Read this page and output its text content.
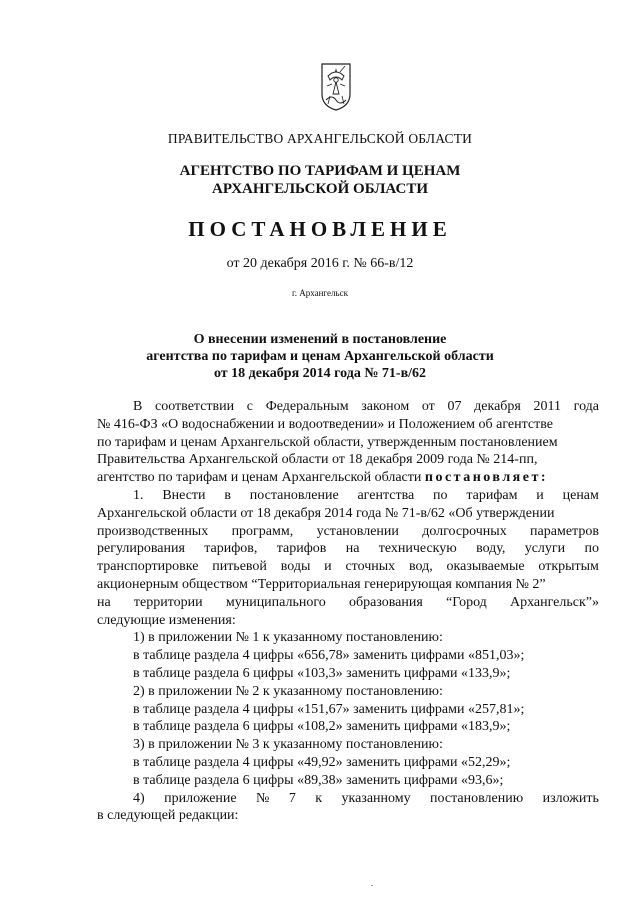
ПРАВИТЕЛЬСТВО АРХАНГЕЛЬСКОЙ ОБЛАСТИ
АГЕНТСТВО ПО ТАРИФАМ И ЦЕНАМ
АРХАНГЕЛЬСКОЙ ОБЛАСТИ
ПОСТАНОВЛЕНИЕ
от 20 декабря 2016 г. № 66-в/12
г. Архангельск
О внесении изменений в постановление
агентства по тарифам и ценам Архангельской области
от 18 декабря 2014 года № 71-в/62
В соответствии с Федеральным законом от 07 декабря 2011 года
№ 416-ФЗ «О водоснабжении и водоотведении» и Положением об агентстве
по тарифам и ценам Архангельской области, утвержденным постановлением
Правительства Архангельской области от 18 декабря 2009 года № 214-пп,
агентство по тарифам и ценам Архангельской области постановляет:
1. Внести в постановление агентства по тарифам и ценам
Архангельской области от 18 декабря 2014 года № 71-в/62 «Об утверждении
производственных программ, установлении долгосрочных параметров
регулирования тарифов, тарифов на техническую воду, услуги по
транспортировке питьевой воды и сточных вод, оказываемые открытым
акционерным обществом “Территориальная генерирующая компания № 2”
на территории муниципального образования “Город Архангельск”»
следующие изменения:
1) в приложении № 1 к указанному постановлению:
в таблице раздела 4 цифры «656,78» заменить цифрами «851,03»;
в таблице раздела 6 цифры «103,3» заменить цифрами «133,9»;
2) в приложении № 2 к указанному постановлению:
в таблице раздела 4 цифры «151,67» заменить цифрами «257,81»;
в таблице раздела 6 цифры «108,2» заменить цифрами «183,9»;
3) в приложении № 3 к указанному постановлению:
в таблице раздела 4 цифры «49,92» заменить цифрами «52,29»;
в таблице раздела 6 цифры «89,38» заменить цифрами «93,6»;
4) приложение № 7 к указанному постановлению изложить
в следующей редакции:
